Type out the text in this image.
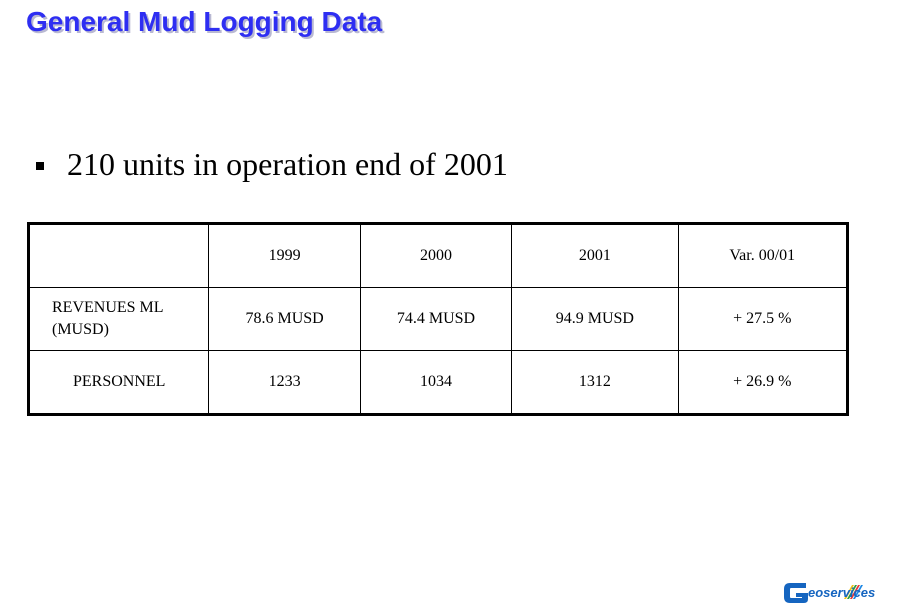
General Mud Logging Data
210 units in operation end of 2001
	1999	2000	2001	Var. 00/01
REVENUES ML
(MUSD)	78.6 MUSD	74.4 MUSD	94.9 MUSD	+ 27.5 %
PERSONNEL	1233	1034	1312	+ 26.9 %
eoservices
